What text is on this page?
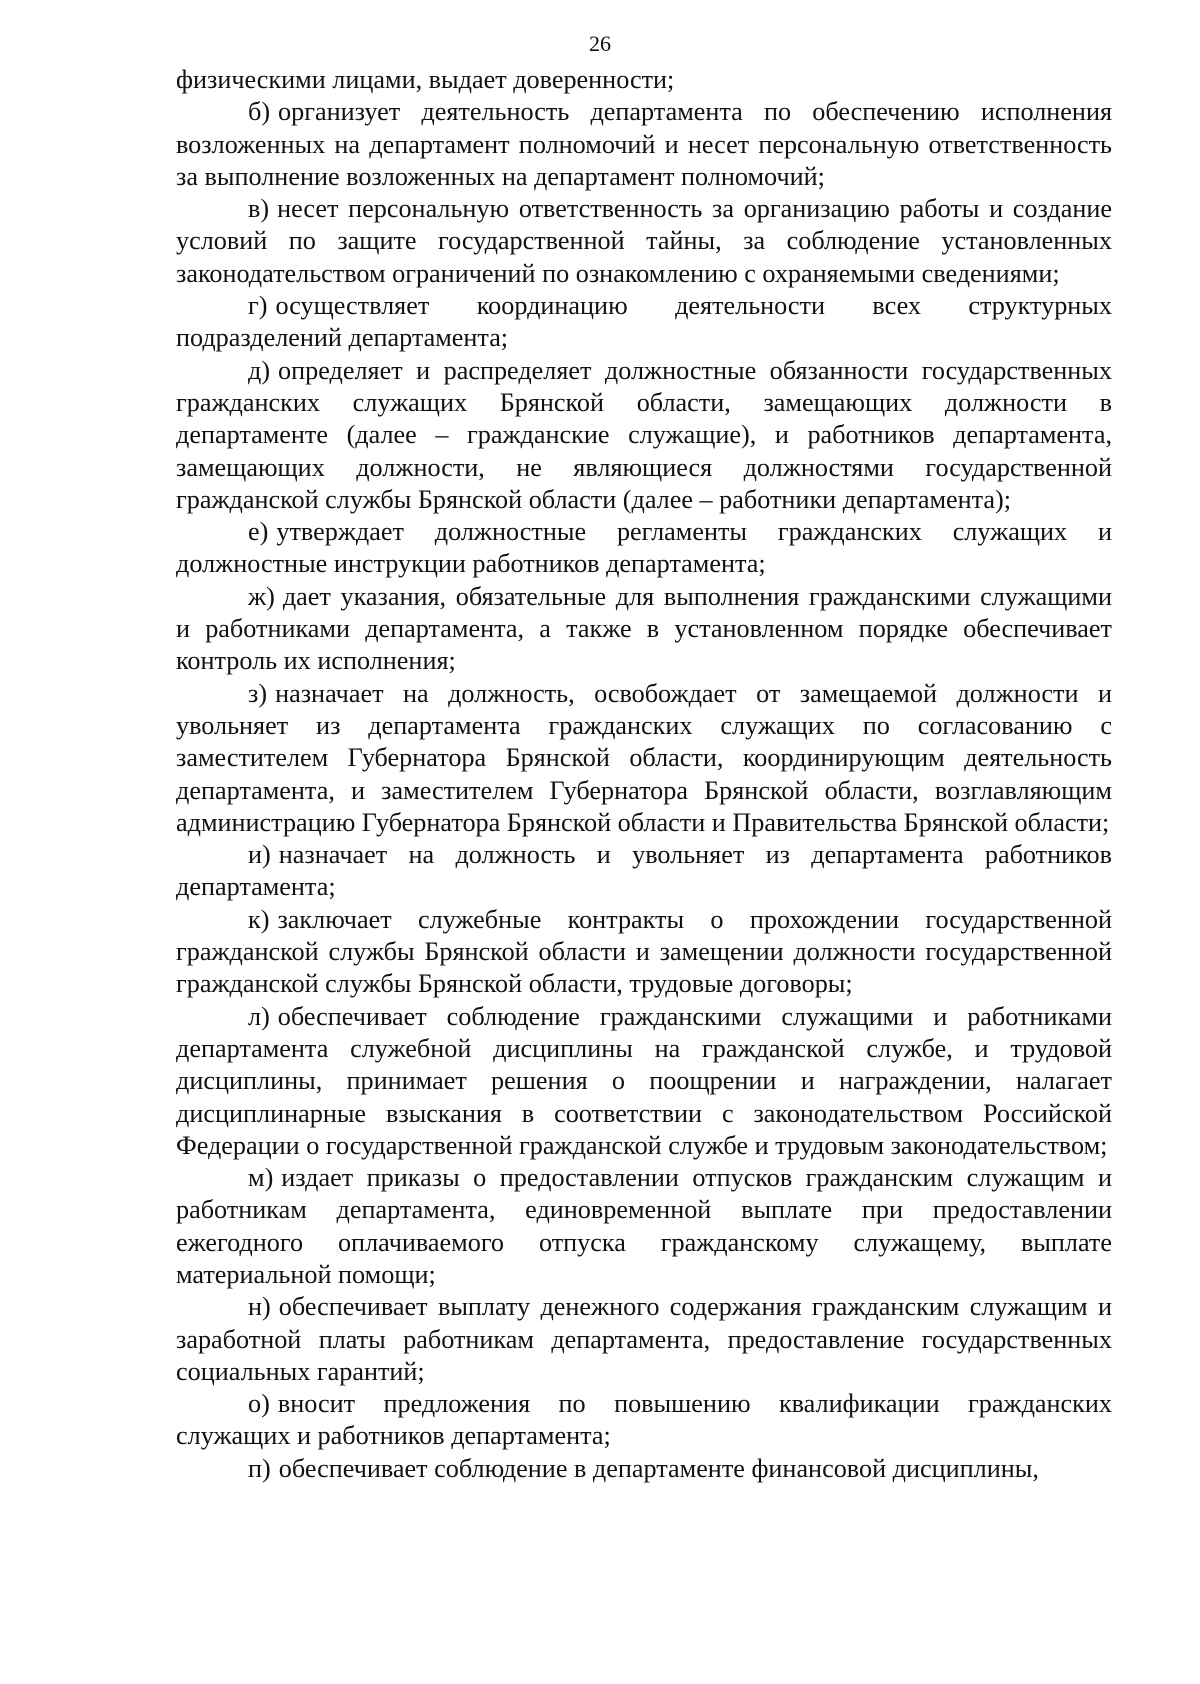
26

физическими лицами, выдает доверенности;

б) организует деятельность департамента по обеспечению исполнения возложенных на департамент полномочий и несет персональную ответственность за выполнение возложенных на департамент полномочий;

в) несет персональную ответственность за организацию работы и создание условий по защите государственной тайны, за соблюдение установленных законодательством ограничений по ознакомлению с охраняемыми сведениями;

г) осуществляет координацию деятельности всех структурных подразделений департамента;

д) определяет и распределяет должностные обязанности государственных гражданских служащих Брянской области, замещающих должности в департаменте (далее – гражданские служащие), и работников департамента, замещающих должности, не являющиеся должностями государственной гражданской службы Брянской области (далее – работники департамента);

е) утверждает должностные регламенты гражданских служащих и должностные инструкции работников департамента;

ж) дает указания, обязательные для выполнения гражданскими служащими и работниками департамента, а также в установленном порядке обеспечивает контроль их исполнения;

з) назначает на должность, освобождает от замещаемой должности и увольняет из департамента гражданских служащих по согласованию с заместителем Губернатора Брянской области, координирующим деятельность департамента, и заместителем Губернатора Брянской области, возглавляющим администрацию Губернатора Брянской области и Правительства Брянской области;

и) назначает на должность и увольняет из департамента работников департамента;

к) заключает служебные контракты о прохождении государственной гражданской службы Брянской области и замещении должности государственной гражданской службы Брянской области, трудовые договоры;

л) обеспечивает соблюдение гражданскими служащими и работниками департамента служебной дисциплины на гражданской службе, и трудовой дисциплины, принимает решения о поощрении и награждении, налагает дисциплинарные взыскания в соответствии с законодательством Российской Федерации о государственной гражданской службе и трудовым законодательством;

м) издает приказы о предоставлении отпусков гражданским служащим и работникам департамента, единовременной выплате при предоставлении ежегодного оплачиваемого отпуска гражданскому служащему, выплате материальной помощи;

н) обеспечивает выплату денежного содержания гражданским служащим и заработной платы работникам департамента, предоставление государственных социальных гарантий;

о) вносит предложения по повышению квалификации гражданских служащих и работников департамента;

п) обеспечивает соблюдение в департаменте финансовой дисциплины,
